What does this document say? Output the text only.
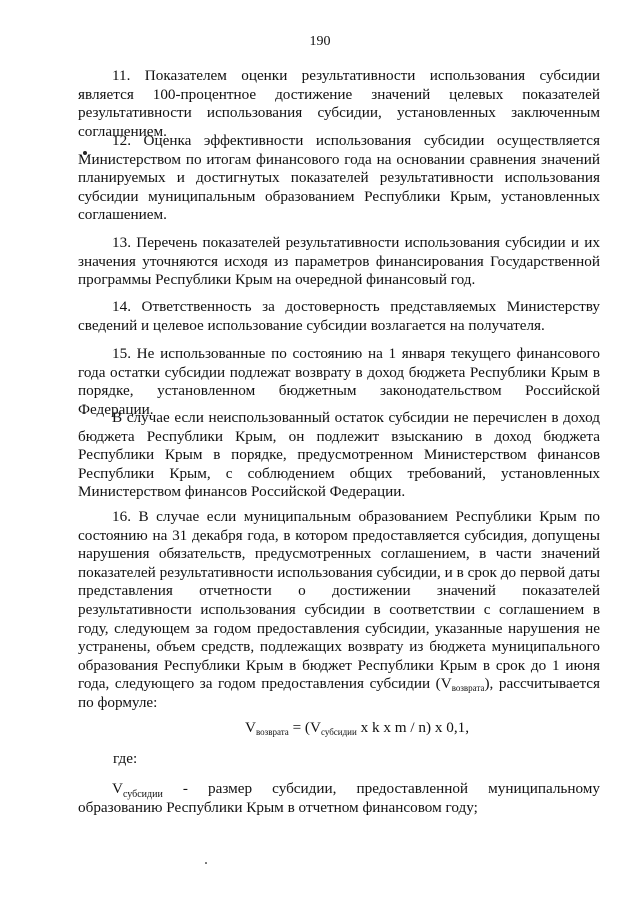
190
11. Показателем оценки результативности использования субсидии является 100-процентное достижение значений целевых показателей результативности использования субсидии, установленных заключенным соглашением.
12. Оценка эффективности использования субсидии осуществляется Министерством по итогам финансового года на основании сравнения значений планируемых и достигнутых показателей результативности использования субсидии муниципальным образованием Республики Крым, установленных соглашением.
13. Перечень показателей результативности использования субсидии и их значения уточняются исходя из параметров финансирования Государственной программы Республики Крым на очередной финансовый год.
14. Ответственность за достоверность представляемых Министерству сведений и целевое использование субсидии возлагается на получателя.
15. Не использованные по состоянию на 1 января текущего финансового года остатки субсидии подлежат возврату в доход бюджета Республики Крым в порядке, установленном бюджетным законодательством Российской Федерации.
В случае если неиспользованный остаток субсидии не перечислен в доход бюджета Республики Крым, он подлежит взысканию в доход бюджета Республики Крым в порядке, предусмотренном Министерством финансов Республики Крым, с соблюдением общих требований, установленных Министерством финансов Российской Федерации.
16. В случае если муниципальным образованием Республики Крым по состоянию на 31 декабря года, в котором предоставляется субсидия, допущены нарушения обязательств, предусмотренных соглашением, в части значений показателей результативности использования субсидии, и в срок до первой даты представления отчетности о достижении значений показателей результативности использования субсидии в соответствии с соглашением в году, следующем за годом предоставления субсидии, указанные нарушения не устранены, объем средств, подлежащих возврату из бюджета муниципального образования Республики Крым в бюджет Республики Крым в срок до 1 июня года, следующего за годом предоставления субсидии $(V_{возврата})$, рассчитывается по формуле:
$V_{возврата} = (V_{субсидии}$ x k x m / n) x 0,1,
где:
$V_{субсидии}$ - размер субсидии, предоставленной муниципальному образованию Республики Крым в отчетном финансовом году;
